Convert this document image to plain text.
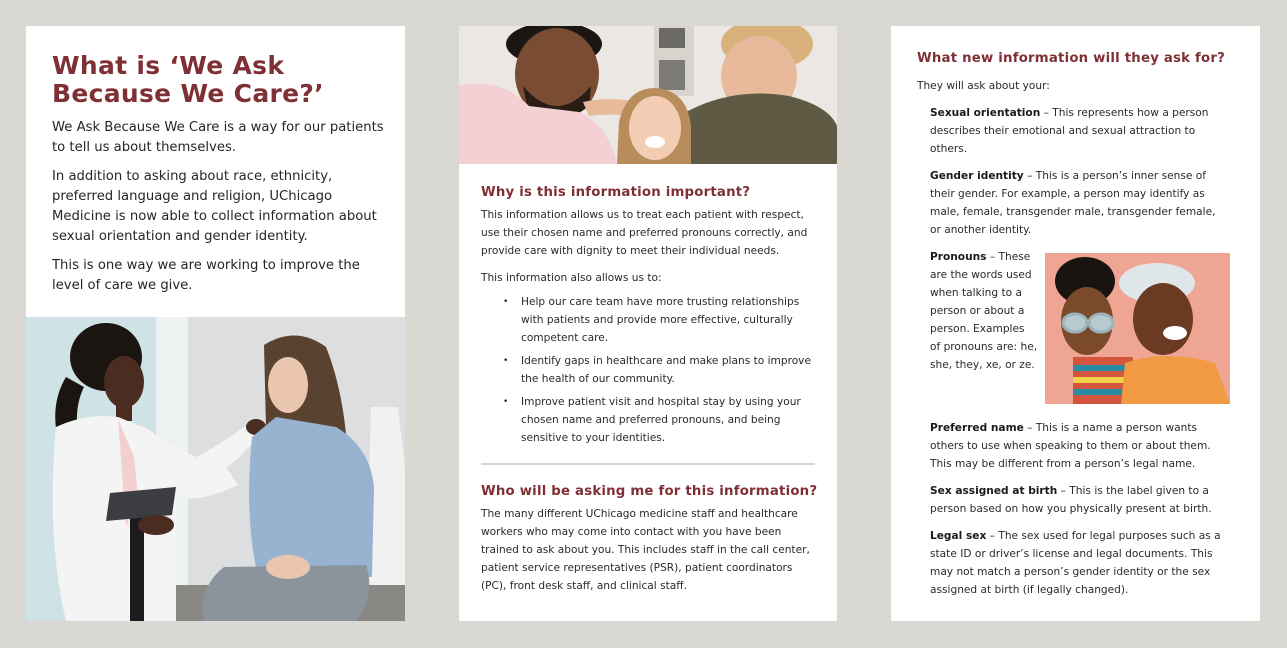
What is ‘We Ask
Because We Care?’

We Ask Because We Care is a way for our patients to tell us about themselves.

In addition to asking about race, ethnicity, preferred language and religion, UChicago Medicine is now able to collect information about sexual orientation and gender identity.

This is one way we are working to improve the level of care we give.

Why is this information important?

This information allows us to treat each patient with respect, use their chosen name and preferred pronouns correctly, and provide care with dignity to meet their individual needs.

This information also allows us to:

• Help our care team have more trusting relationships with patients and provide more effective, culturally competent care.
• Identify gaps in healthcare and make plans to improve the health of our community.
• Improve patient visit and hospital stay by using your chosen name and preferred pronouns, and being sensitive to your identities.
Who will be asking me for this information?

The many different UChicago medicine staff and healthcare workers who may come into contact with you have been trained to ask about you. This includes staff in the call center, patient service representatives (PSR), patient coordinators (PC), front desk staff, and clinical staff.

What new information will they ask for?

They will ask about your:

Sexual orientation – This represents how a person describes their emotional and sexual attraction to others.

Gender identity – This is a person’s inner sense of their gender. For example, a person may identify as male, female, transgender male, transgender female, or another identity.

Pronouns – These are the words used when talking to a person or about a person. Examples of pronouns are: he, she, they, xe, or ze.

Preferred name – This is a name a person wants others to use when speaking to them or about them. This may be different from a person’s legal name.

Sex assigned at birth – This is the label given to a person based on how you physically present at birth.

Legal sex – The sex used for legal purposes such as a state ID or driver’s license and legal documents. This may not match a person’s gender identity or the sex assigned at birth (if legally changed).
